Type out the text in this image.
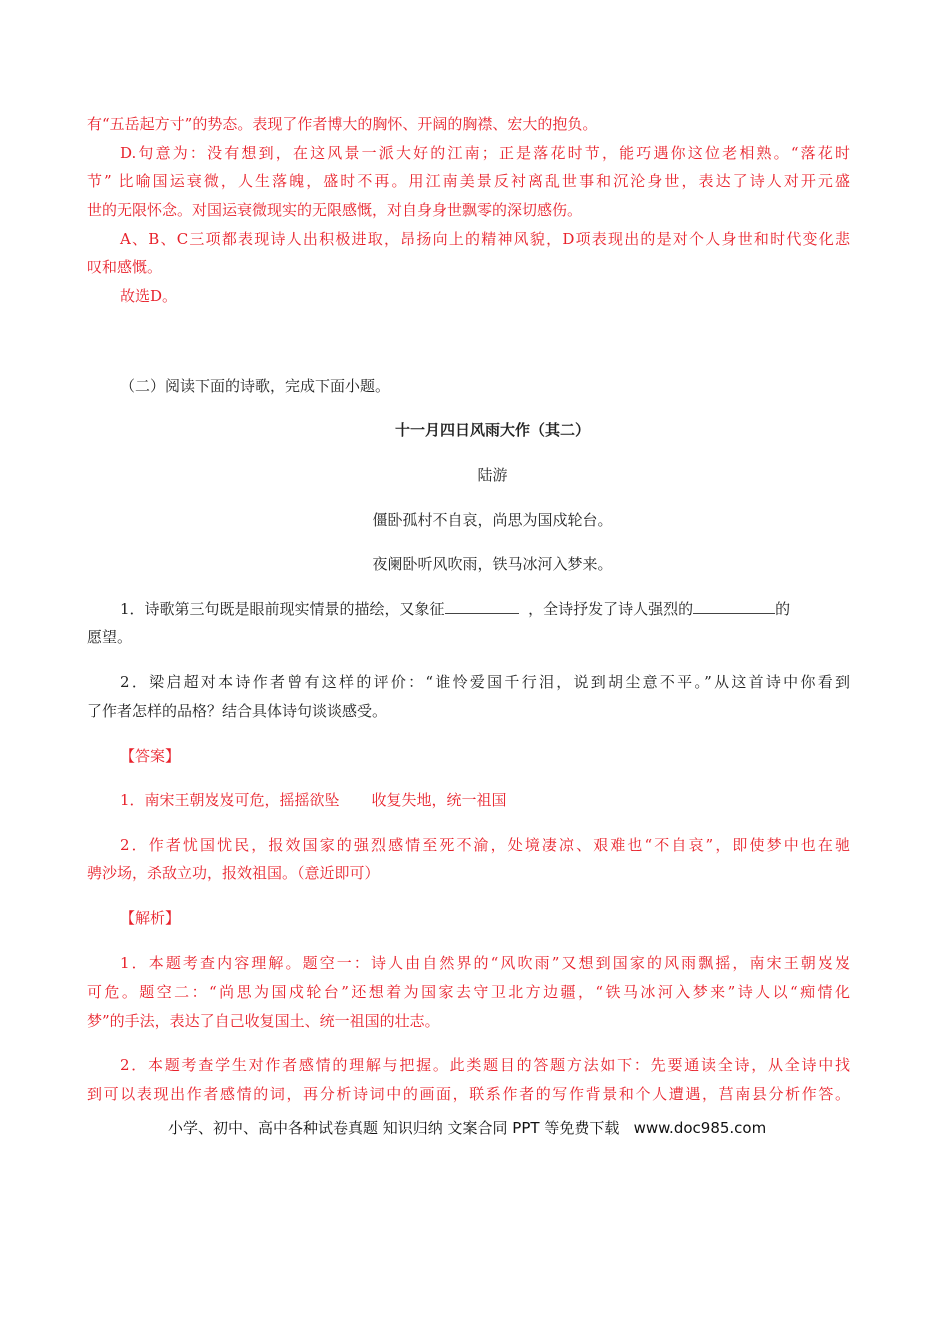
有“五岳起方寸”的势态。表现了作者博大的胸怀、开阔的胸襟、宏大的抱负。
D.句意为：没有想到，在这风景一派大好的江南；正是落花时节，能巧遇你这位老相熟。“落花时
节” 比喻国运衰微，人生落魄，盛时不再。用江南美景反衬离乱世事和沉沦身世，表达了诗人对开元盛
世的无限怀念。对国运衰微现实的无限感慨，对自身身世飘零的深切感伤。
A、B、C三项都表现诗人出积极进取，昂扬向上的精神风貌，D项表现出的是对个人身世和时代变化悲
叹和感慨。
故选D。
（二）阅读下面的诗歌，完成下面小题。
十一月四日风雨大作（其二）
陆游
僵卧孤村不自哀，尚思为国戍轮台。
夜阑卧听风吹雨，铁马冰河入梦来。
1．诗歌第三句既是眼前现实情景的描绘，又象征	，全诗抒发了诗人强烈的	的
愿望。
2．梁启超对本诗作者曾有这样的评价：“谁怜爱国千行泪，说到胡尘意不平。”从这首诗中你看到
了作者怎样的品格？结合具体诗句谈谈感受。
【答案】
1．南宋王朝岌岌可危，摇摇欲坠 收复失地，统一祖国
2．作者忧国忧民，报效国家的强烈感情至死不渝，处境凄凉、艰难也“不自哀”，即使梦中也在驰
骋沙场，杀敌立功，报效祖国。（意近即可）
【解析】
1．本题考查内容理解。题空一：诗人由自然界的“风吹雨”又想到国家的风雨飘摇，南宋王朝岌岌
可危。题空二：“尚思为国戍轮台”还想着为国家去守卫北方边疆，“铁马冰河入梦来”诗人以“痴情化
梦”的手法，表达了自己收复国土、统一祖国的壮志。
2．本题考查学生对作者感情的理解与把握。此类题目的答题方法如下：先要通读全诗，从全诗中找
到可以表现出作者感情的词，再分析诗词中的画面，联系作者的写作背景和个人遭遇，莒南县分析作答。
小学、初中、高中各种试卷真题 知识归纳 文案合同 PPT 等免费下载   www.doc985.com
